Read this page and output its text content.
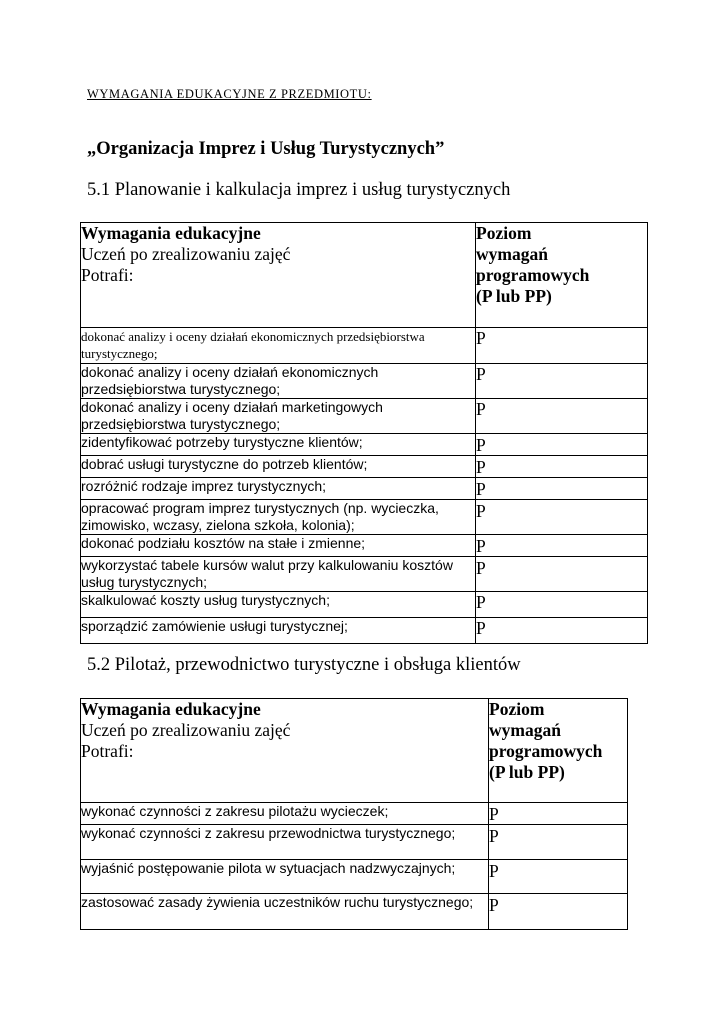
WYMAGANIA EDUKACYJNE Z PRZEDMIOTU:
„Organizacja Imprez i Usług Turystycznych”
5.1 Planowanie i kalkulacja imprez i usług turystycznych
Wymagania edukacyjne
Uczeń po zrealizowaniu zajęć
Potrafi:	Poziom
wymagań
programowych
(P lub PP)

dokonać analizy i oceny działań ekonomicznych przedsiębiorstwa turystycznego;	P
dokonać analizy i oceny działań ekonomicznych przedsiębiorstwa turystycznego;	P
dokonać analizy i oceny działań marketingowych przedsiębiorstwa turystycznego;	P
zidentyfikować potrzeby turystyczne klientów;	P
dobrać usługi turystyczne do potrzeb klientów;	P
rozróżnić rodzaje imprez turystycznych;	P
opracować program imprez turystycznych (np. wycieczka, zimowisko, wczasy, zielona szkoła, kolonia);	P
dokonać podziału kosztów na stałe i zmienne;	P
wykorzystać tabele kursów walut przy kalkulowaniu kosztów usług turystycznych;	P
skalkulować koszty usług turystycznych;	P
sporządzić zamówienie usługi turystycznej;	P
5.2 Pilotaż, przewodnictwo turystyczne i obsługa klientów
Wymagania edukacyjne
Uczeń po zrealizowaniu zajęć
Potrafi:	Poziom
wymagań
programowych
(P lub PP)

wykonać czynności z zakresu pilotażu wycieczek;	P
wykonać czynności z zakresu przewodnictwa turystycznego;	P
wyjaśnić postępowanie pilota w sytuacjach nadzwyczajnych;	P
zastosować zasady żywienia uczestników ruchu turystycznego;	P
